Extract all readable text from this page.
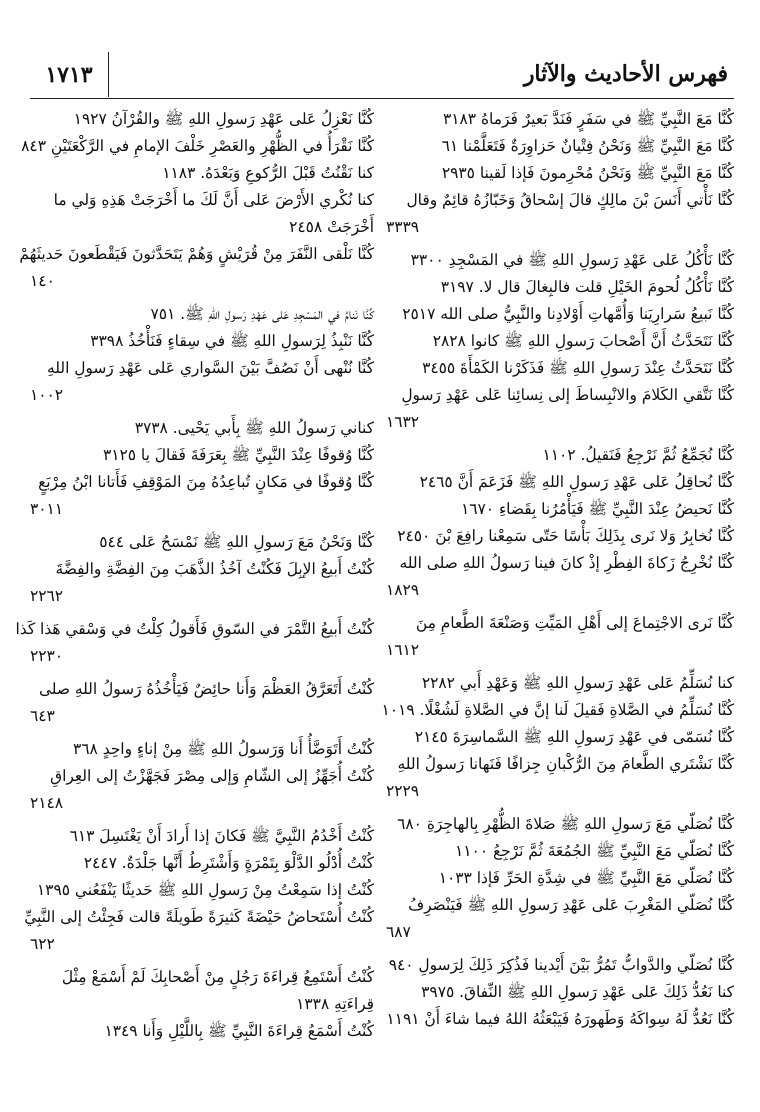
فهرس الأحاديث والآثار
١٧١٣
كُنَّا مَعَ النَّبِيِّ ﷺ في سَفَرٍ فَنَدَّ بَعيرٌ فَرَماهُ ٣١٨٣
كُنَّا مَعَ النَّبِيِّ ﷺ وَنَحْنُ فِتْيانٌ حَزاوِرَةٌ فَتَعَلَّمْنا ٦١
كُنَّا مَعَ النَّبِيِّ ﷺ وَنَحْنُ مُحْرِمونَ فَإذا لَقينا ٢٩٣٥
كُنَّا نَأْتي أَنَسَ بْنَ مالِكٍ قالَ إسْحاقُ وَخَبّازُهُ قائِمٌ وقال
٣٣٣٩
كُنَّا نَأْكُلُ عَلى عَهْدِ رَسولِ اللهِ ﷺ في المَسْجِدِ ٣٣٠٠
كُنَّا نَأْكُلُ لُحومَ الخَيْلِ قلت فالبِغالَ قال لا. ٣١٩٧
كُنَّا نَبيعُ سَرارِيَنا وَأُمَّهاتِ أَوْلادِنا والنَّبِيُّ صلى الله ٢٥١٧
كُنَّا نَتَحَدَّثُ أَنَّ أَصْحابَ رَسولِ اللهِ ﷺ كانوا ٢٨٢٨
كُنَّا نَتَحَدَّثُ عِنْدَ رَسولِ اللهِ ﷺ فَذَكَرْنا الكَمْأَةَ ٣٤٥٥
كُنَّا نَتَّقي الكَلامَ والانْبِساطَ إلى نِسائِنا عَلى عَهْدِ رَسولِ
١٦٣٢
كُنَّا نُجَمِّعُ ثُمَّ نَرْجِعُ فَنَقيلُ. ١١٠٢
كُنَّا نُحاقِلُ عَلى عَهْدِ رَسولِ اللهِ ﷺ فَزَعَمَ أَنَّ ٢٤٦٥
كُنَّا نَحيضُ عِنْدَ النَّبِيِّ ﷺ فَيَأْمُرُنا بِقَضاءِ ١٦٧٠
كُنَّا نُخابِرُ وَلا نَرى بِذَلِكَ بَأْسًا حَتّى سَمِعْنا رافِعَ بْنَ ٢٤٥٠
كُنَّا نُخْرِجُ زَكاةَ الفِطْرِ إذْ كانَ فينا رَسولُ اللهِ صلى الله
١٨٢٩
كُنَّا نَرى الاجْتِماعَ إلى أَهْلِ المَيِّتِ وَصَنْعَةَ الطَّعامِ مِنَ
١٦١٢
كنا نُسَلِّمُ عَلى عَهْدِ رَسولِ اللهِ ﷺ وَعَهْدِ أَبي ٢٢٨٢
كُنَّا نُسَلِّمُ في الصَّلاةِ فَقيلَ لَنا إنَّ في الصَّلاةِ لَشُغْلًا. ١٠١٩
كُنَّا نُسَمّى في عَهْدِ رَسولِ اللهِ ﷺ السَّماسِرَةَ ٢١٤٥
كُنَّا نَشْتَري الطَّعامَ مِنَ الرُّكْبانِ جِزافًا فَنَهانا رَسولُ اللهِ
٢٢٢٩
كُنَّا نُصَلّي مَعَ رَسولِ اللهِ ﷺ صَلاةَ الظُّهْرِ بِالهاجِرَةِ ٦٨٠
كُنَّا نُصَلّي مَعَ النَّبِيِّ ﷺ الجُمُعَةَ ثُمَّ نَرْجِعُ ١١٠٠
كُنَّا نُصَلّي مَعَ النَّبِيِّ ﷺ في شِدَّةِ الحَرِّ فَإذا ١٠٣٣
كُنَّا نُصَلّي المَغْرِبَ عَلى عَهْدِ رَسولِ اللهِ ﷺ فَيَنْصَرِفُ
٦٨٧
كُنَّا نُصَلّي والدَّوابُّ تَمُرُّ بَيْنَ أَيْدينا فَذُكِرَ ذَلِكَ لِرَسولِ ٩٤٠
كنا نَعُدُّ ذَلِكَ عَلى عَهْدِ رَسولِ اللهِ ﷺ النِّفاقَ. ٣٩٧٥
كُنَّا نَعُدُّ لَهُ سِواكَهُ وَطَهورَهُ فَيَبْعَثُهُ اللهُ فيما شاءَ أَنْ ١١٩١
كُنَّا نَعْزِلُ عَلى عَهْدِ رَسولِ اللهِ ﷺ والقُرْآنُ ١٩٢٧
كُنَّا نَقْرَأُ في الظُّهْرِ والعَصْرِ خَلْفَ الإمامِ في الرَّكْعَتَيْنِ ٨٤٣
كنا نَقْنُتُ قَبْلَ الرُّكوعِ وَبَعْدَهُ. ١١٨٣
كنا نُكْري الأَرْضَ عَلى أَنَّ لَكَ ما أَخْرَجَتْ هَذِهِ وَلي ما
أَخْرَجَتْ ٢٤٥٨
كُنَّا نَلْقى النَّفَرَ مِنْ قُرَيْشٍ وَهُمْ يَتَحَدَّثونَ فَيَقْطَعونَ حَديثَهُمْ
١٤٠
كُنَّا نَنامُ في المَسْجِدِ عَلى عَهْدِ رَسولِ اللهِ ﷺ. ٧٥١
كُنَّا نَنْبِذُ لِرَسولِ اللهِ ﷺ في سِقاءٍ فَنَأْخُذُ ٣٣٩٨
كُنَّا نُنْهى أَنْ نَصُفَّ بَيْنَ السَّواري عَلى عَهْدِ رَسولِ اللهِ
١٠٠٢
كناني رَسولُ اللهِ ﷺ بِأَبي يَحْيى. ٣٧٣٨
كُنَّا وُقوفًا عِنْدَ النَّبِيِّ ﷺ بِعَرَفَةَ فَقالَ يا ٣١٢٥
كُنَّا وُقوفًا في مَكانٍ تُباعِدُهُ مِنَ المَوْقِفِ فَأَتانا ابْنُ مِرْبَعٍ
٣٠١١
كُنَّا وَنَحْنُ مَعَ رَسولِ اللهِ ﷺ نَمْسَحُ عَلى ٥٤٤
كُنْتُ أَبيعُ الإبِلَ فَكُنْتُ آخُذُ الذَّهَبَ مِنَ الفِضَّةِ والفِضَّةَ
٢٢٦٢
كُنْتُ أَبيعُ التَّمْرَ في السّوقِ فَأَقولُ كِلْتُ في وَسْقي هَذا كَذا
٢٢٣٠
كُنْتُ أَتَعَرَّقُ العَظْمَ وَأَنا حائِضٌ فَيَأْخُذُهُ رَسولُ اللهِ صلى
٦٤٣
كُنْتُ أَتَوَضَّأُ أَنا وَرَسولُ اللهِ ﷺ مِنْ إناءٍ واحِدٍ ٣٦٨
كُنْتُ أُجَهِّزُ إلى الشّامِ وَإلى مِصْرَ فَجَهَّزْتُ إلى العِراقِ
٢١٤٨
كُنْتُ أَخْدُمُ النَّبِيَّ ﷺ فَكانَ إذا أَرادَ أَنْ يَغْتَسِلَ ٦١٣
كُنْتُ أُدْلُو الدَّلْوَ بِتَمْرَةٍ وَأَشْتَرِطُ أَنَّها جَلْدَةٌ. ٢٤٤٧
كُنْتُ إذا سَمِعْتُ مِنْ رَسولِ اللهِ ﷺ حَديثًا يَنْفَعُني ١٣٩٥
كُنْتُ أُسْتَحاضُ حَيْضَةً كَثيرَةً طَويلَةً قالت فَجِئْتُ إلى النَّبِيِّ
٦٢٢
كُنْتُ أَسْتَمِعُ قِراءَةَ رَجُلٍ مِنْ أَصْحابِكَ لَمْ أَسْمَعْ مِثْلَ
قِراءَتِهِ ١٣٣٨
كُنْتُ أَسْمَعُ قِراءَةَ النَّبِيِّ ﷺ بِاللَّيْلِ وَأَنا ١٣٤٩
